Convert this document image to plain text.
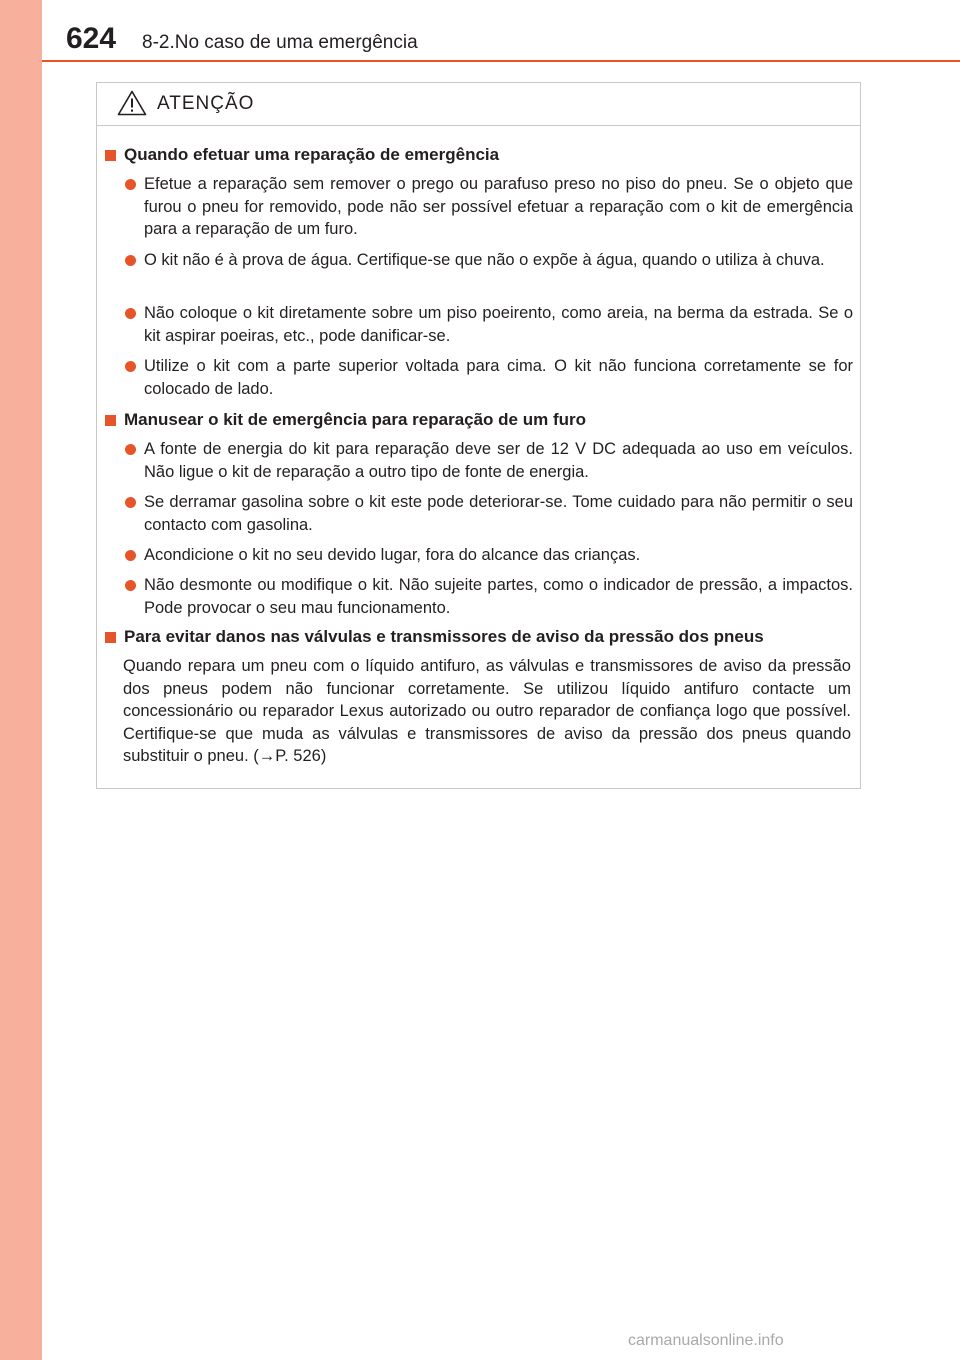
624 8-2.No caso de uma emergência
ATENÇÃO
Quando efetuar uma reparação de emergência
Efetue a reparação sem remover o prego ou parafuso preso no piso do pneu. Se o objeto que furou o pneu for removido, pode não ser possível efetuar a reparação com o kit de emergência para a reparação de um furo.
O kit não é à prova de água. Certifique-se que não o expõe à água, quando o utiliza à chuva.
Não coloque o kit diretamente sobre um piso poeirento, como areia, na berma da estrada. Se o kit aspirar poeiras, etc., pode danificar-se.
Utilize o kit com a parte superior voltada para cima. O kit não funciona corretamente se for colocado de lado.
Manusear o kit de emergência para reparação de um furo
A fonte de energia do kit para reparação deve ser de 12 V DC adequada ao uso em veículos. Não ligue o kit de reparação a outro tipo de fonte de energia.
Se derramar gasolina sobre o kit este pode deteriorar-se. Tome cuidado para não permitir o seu contacto com gasolina.
Acondicione o kit no seu devido lugar, fora do alcance das crianças.
Não desmonte ou modifique o kit. Não sujeite partes, como o indicador de pressão, a impactos. Pode provocar o seu mau funcionamento.
Para evitar danos nas válvulas e transmissores de aviso da pressão dos pneus
Quando repara um pneu com o líquido antifuro, as válvulas e transmissores de aviso da pressão dos pneus podem não funcionar corretamente. Se utilizou líquido antifuro contacte um concessionário ou reparador Lexus autorizado ou outro reparador de confiança logo que possível. Certifique-se que muda as válvulas e transmissores de aviso da pressão dos pneus quando substituir o pneu. (→P. 526)
carmanualsonline.info
